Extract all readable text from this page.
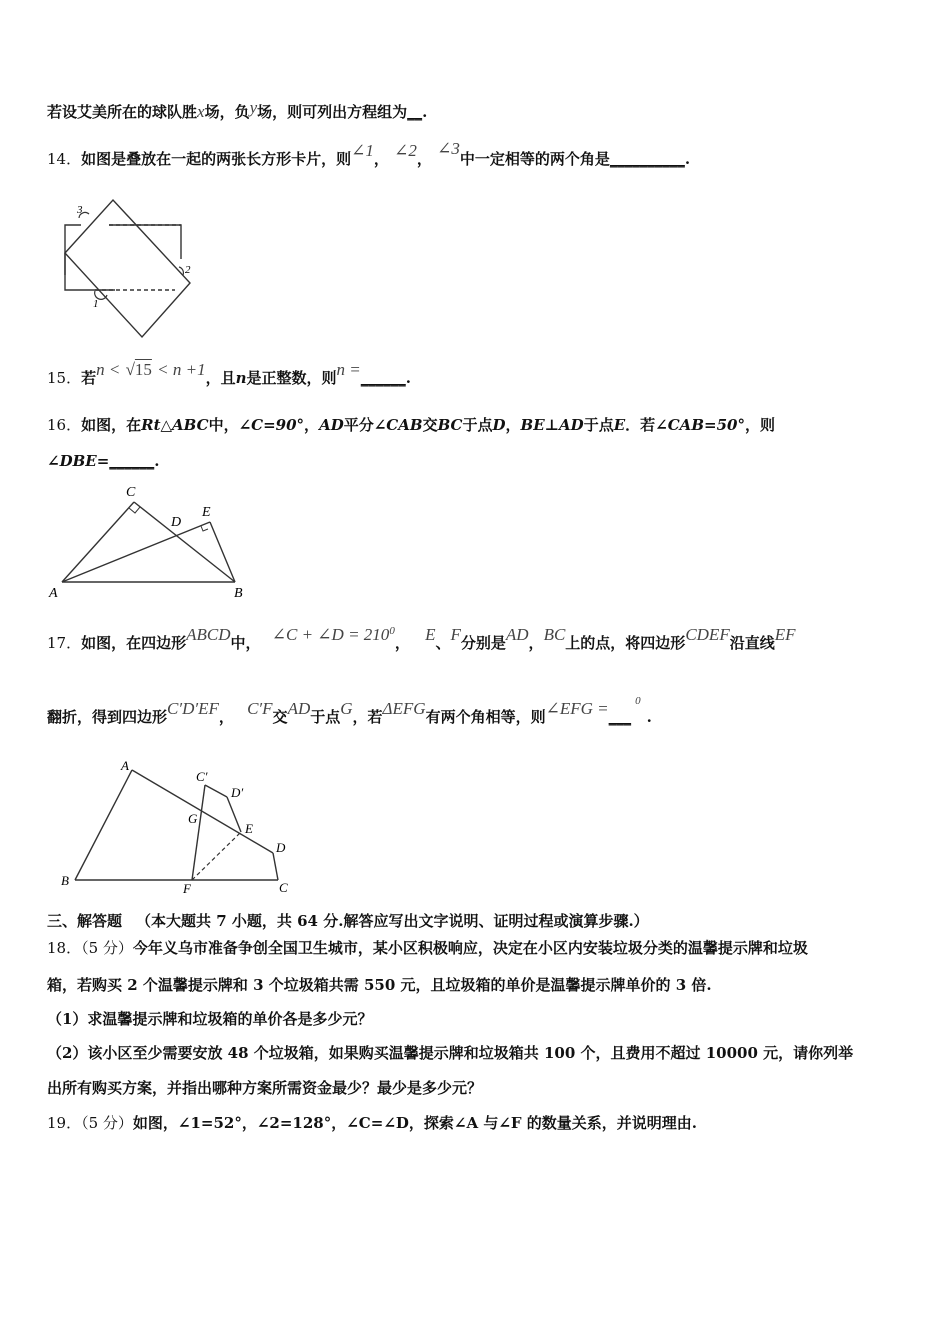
若设艾美所在的球队胜x场，负y场，则可列出方程组为__.
14．如图是叠放在一起的两张长方形卡片，则∠1， ∠2， ∠3中一定相等的两个角是__________.
3
2
1
15．若n < √15 < n +1，且n是正整数，则n =______.
16．如图，在Rt△ABC中，∠C=90°，AD平分∠CAB交BC于点D，BE⊥AD于点E．若∠CAB=50°，则
∠DBE=______.
C
D
E
A	B
17．如图，在四边形ABCD中， ∠C + ∠D = $210^0$， E、F分别是AD，BC上的点，将四边形CDEF沿直线EF
翻折，得到四边形C′D′EF， C′F交AD于点G，若ΔEFG有两个角相等，则∠EFG =___$^0$.
A
B	C
D
E
F
G
C′
D′
三、解答题 （本大题共 7 小题，共 64 分.解答应写出文字说明、证明过程或演算步骤.）
18．（5 分）今年义乌市准备争创全国卫生城市，某小区积极响应，决定在小区内安装垃圾分类的温馨提示牌和垃圾
箱，若购买 2 个温馨提示牌和 3 个垃圾箱共需 550 元，且垃圾箱的单价是温馨提示牌单价的 3 倍.
（1）求温馨提示牌和垃圾箱的单价各是多少元？
（2）该小区至少需要安放 48 个垃圾箱，如果购买温馨提示牌和垃圾箱共 100 个，且费用不超过 10000 元，请你列举
出所有购买方案，并指出哪种方案所需资金最少？最少是多少元？
19．（5 分）如图，∠1=52°，∠2=128°，∠C=∠D，探索∠A 与∠F 的数量关系，并说明理由.
